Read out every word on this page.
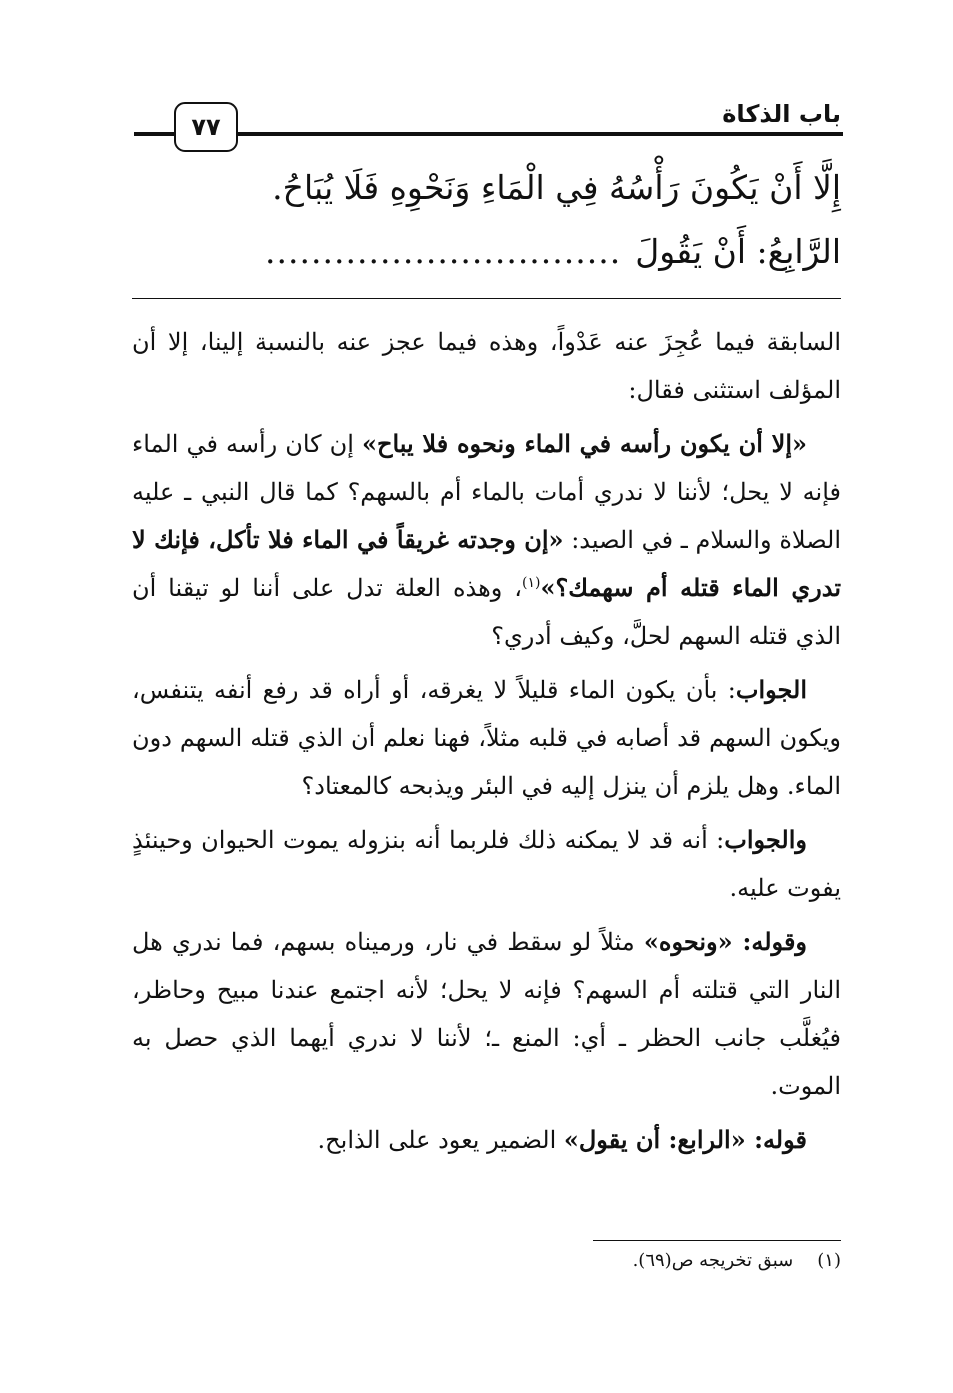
باب الذكاة
٧٧
إِلَّا أَنْ يَكُونَ رَأْسُهُ فِي الْمَاءِ وَنَحْوِهِ فَلَا يُبَاحُ.
الرَّابِعُ: أَنْ يَقُولَ...............................

السابقة فيما عُجِزَ عنه عَدْواً، وهذه فيما عجز عنه بالنسبة إلينا، إلا أن المؤلف استثنى فقال:

«إلا أن يكون رأسه في الماء ونحوه فلا يباح» إن كان رأسه في الماء فإنه لا يحل؛ لأننا لا ندري أمات بالماء أم بالسهم؟ كما قال النبي ـ عليه الصلاة والسلام ـ في الصيد: «إن وجدته غريقاً في الماء فلا تأكل، فإنك لا تدري الماء قتله أم سهمك؟»$^{(١)}$، وهذه العلة تدل على أننا لو تيقنا أن الذي قتله السهم لحلَّ، وكيف أدري؟

الجواب: بأن يكون الماء قليلاً لا يغرقه، أو أراه قد رفع أنفه يتنفس، ويكون السهم قد أصابه في قلبه مثلاً، فهنا نعلم أن الذي قتله السهم دون الماء. وهل يلزم أن ينزل إليه في البئر ويذبحه كالمعتاد؟

والجواب: أنه قد لا يمكنه ذلك فلربما أنه بنزوله يموت الحيوان وحينئذٍ يفوت عليه.

وقوله: «ونحوه» مثلاً لو سقط في نار، ورميناه بسهم، فما ندري هل النار التي قتلته أم السهم؟ فإنه لا يحل؛ لأنه اجتمع عندنا مبيح وحاظر، فيُغلَّب جانب الحظر ـ أي: المنع ـ؛ لأننا لا ندري أيهما الذي حصل به الموت.

قوله: «الرابع: أن يقول» الضمير يعود على الذابح.

(١)سبق تخريجه ص(٦٩).
